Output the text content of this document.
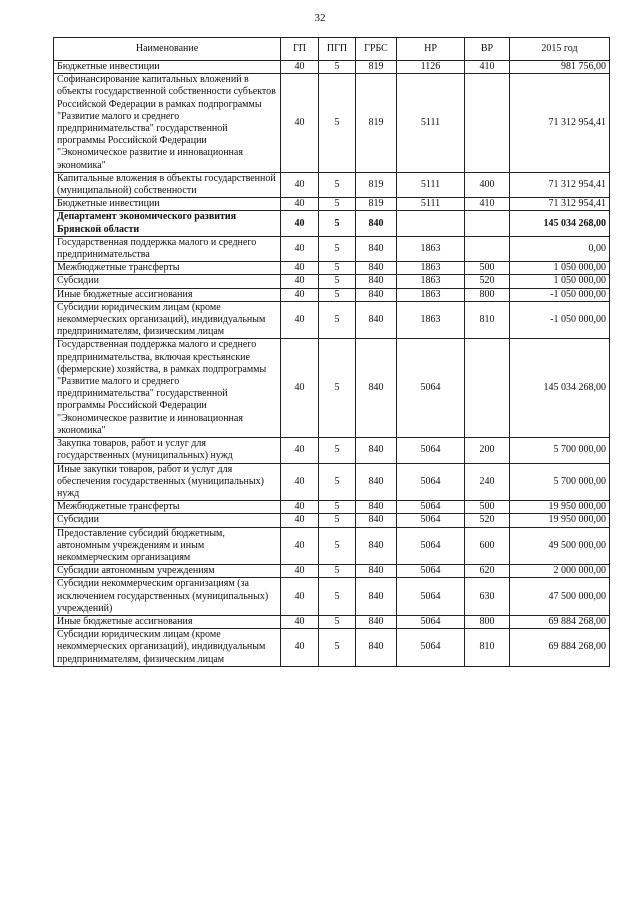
32
Наименование	ГП	ПГП	ГРБС	НР	ВР	2015 год
Бюджетные инвестиции	40	5	819	1126	410	981 756,00
Софинансирование капитальных вложений в объекты государственной собственности субъектов Российской Федерации в рамках подпрограммы "Развитие малого и среднего предпринимательства" государственной программы Российской Федерации "Экономическое развитие и инновационная экономика"	40	5	819	5111		71 312 954,41
Капитальные вложения в объекты государственной (муниципальной) собственности	40	5	819	5111	400	71 312 954,41
Бюджетные инвестиции	40	5	819	5111	410	71 312 954,41
Департамент экономического развития Брянской области	40	5	840			145 034 268,00
Государственная поддержка малого и среднего предпринимательства	40	5	840	1863		0,00
Межбюджетные трансферты	40	5	840	1863	500	1 050 000,00
Субсидии	40	5	840	1863	520	1 050 000,00
Иные бюджетные ассигнования	40	5	840	1863	800	-1 050 000,00
Субсидии юридическим лицам (кроме некоммерческих организаций), индивидуальным предпринимателям, физическим лицам	40	5	840	1863	810	-1 050 000,00
Государственная поддержка малого и среднего предпринимательства, включая крестьянские (фермерские) хозяйства, в рамках подпрограммы "Развитие малого и среднего предпринимательства" государственной программы Российской Федерации "Экономическое развитие и инновационная экономика"	40	5	840	5064		145 034 268,00
Закупка товаров, работ и услуг для государственных (муниципальных) нужд	40	5	840	5064	200	5 700 000,00
Иные закупки товаров, работ и услуг для обеспечения государственных (муниципальных) нужд	40	5	840	5064	240	5 700 000,00
Межбюджетные трансферты	40	5	840	5064	500	19 950 000,00
Субсидии	40	5	840	5064	520	19 950 000,00
Предоставление субсидий бюджетным, автономным учреждениям и иным некоммерческим организациям	40	5	840	5064	600	49 500 000,00
Субсидии автономным учреждениям	40	5	840	5064	620	2 000 000,00
Субсидии некоммерческим организациям (за исключением государственных (муниципальных) учреждений)	40	5	840	5064	630	47 500 000,00
Иные бюджетные ассигнования	40	5	840	5064	800	69 884 268,00
Субсидии юридическим лицам (кроме некоммерческих организаций), индивидуальным предпринимателям, физическим лицам	40	5	840	5064	810	69 884 268,00
